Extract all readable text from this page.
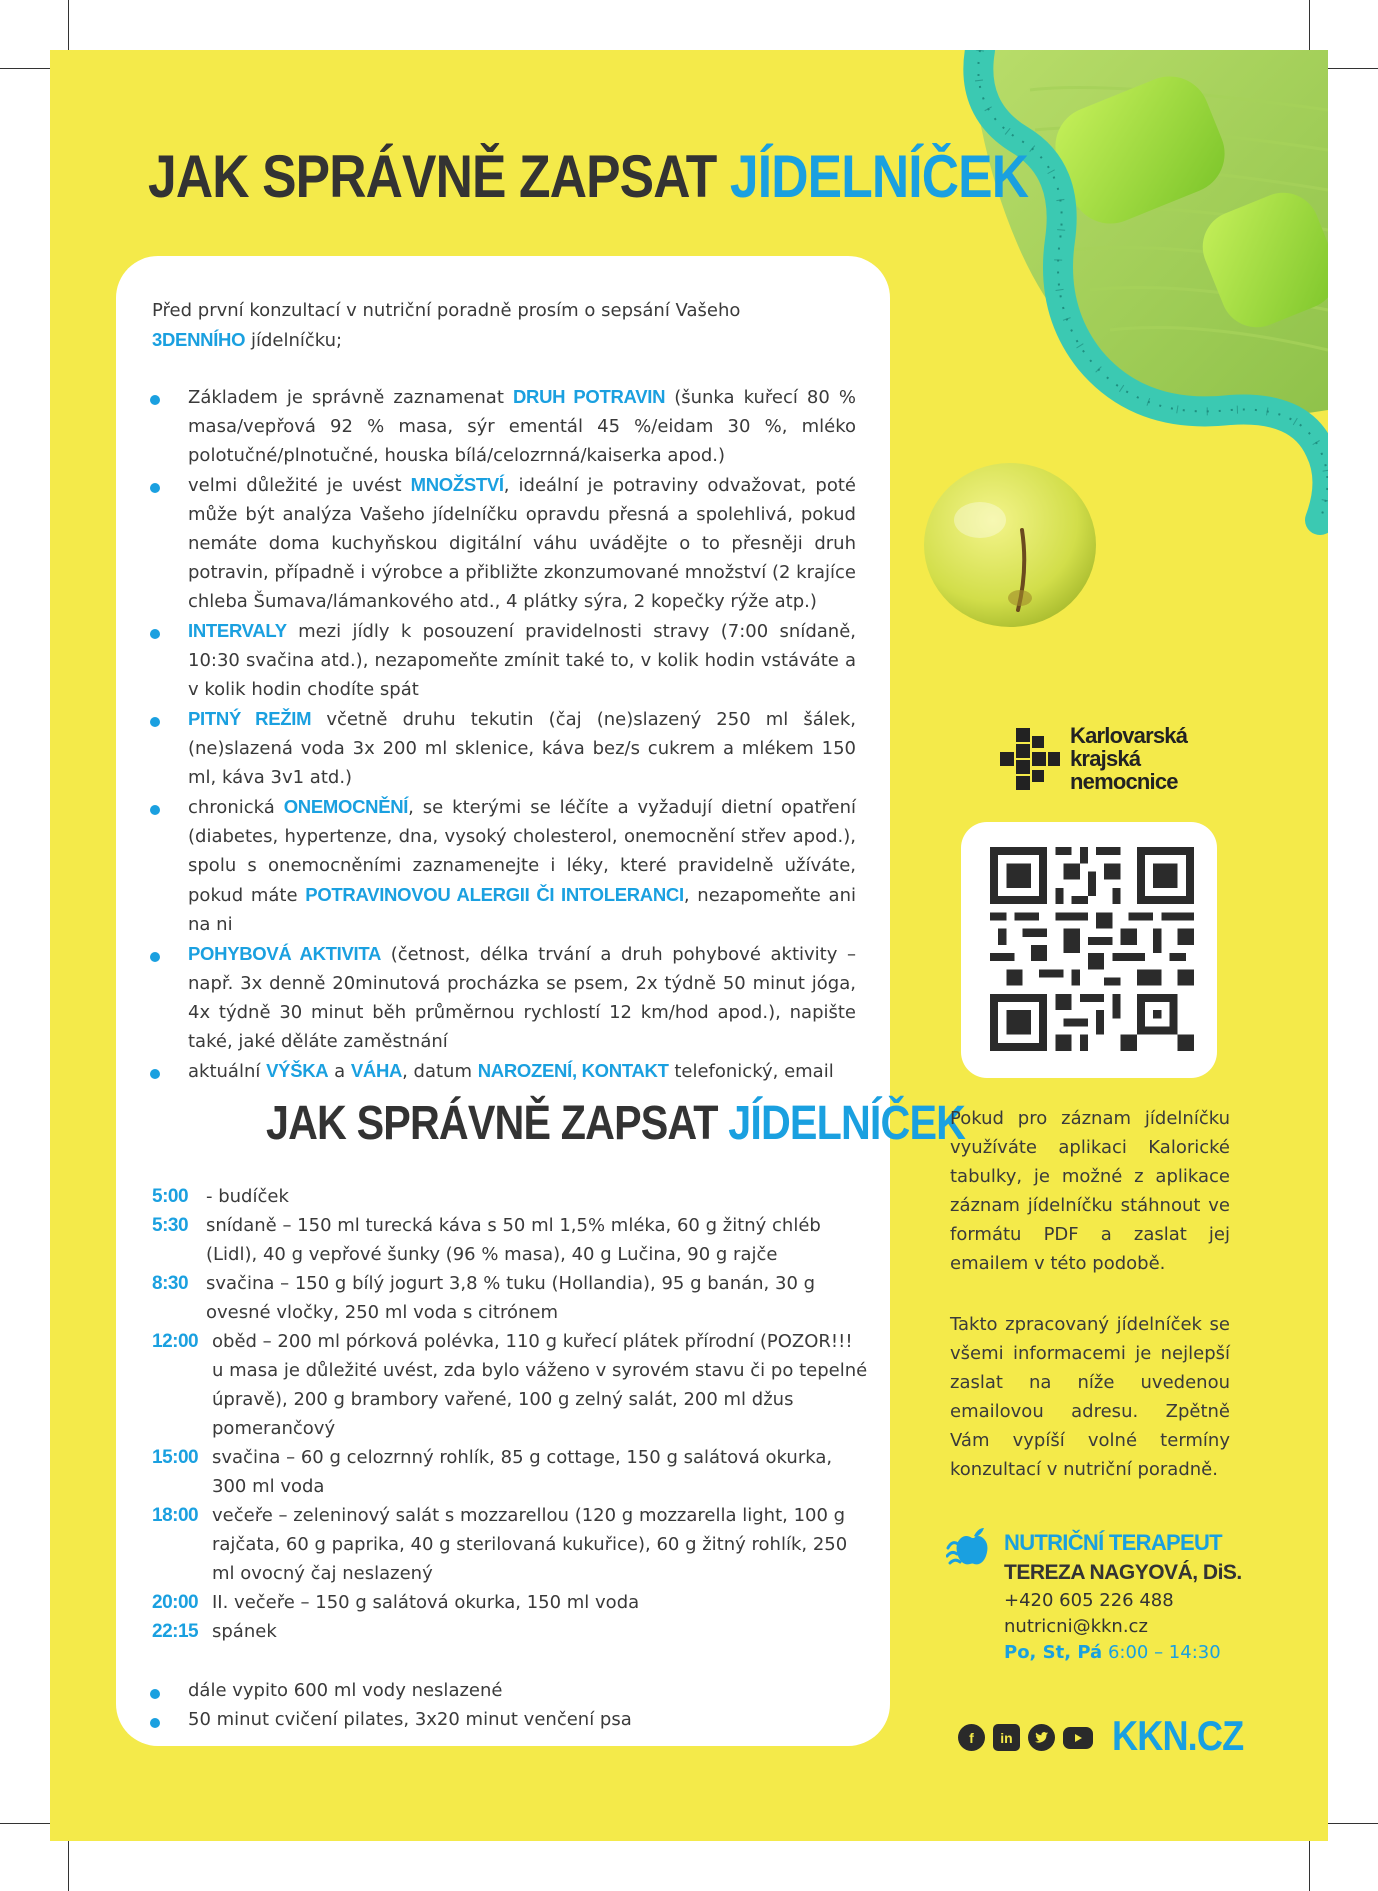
JAK SPRÁVNĚ ZAPSAT JÍDELNÍČEK

Před první konzultací v nutriční poradně prosím o sepsání Vašeho
3DENNÍHO jídelníčku;

Základem je správně zaznamenat DRUH POTRAVIN (šunka kuřecí 80 % masa/vepřová 92 % masa, sýr ementál 45 %/eidam 30 %, mléko polotučné/plnotučné, houska bílá/celozrnná/kaiserka apod.)
velmi důležité je uvést MNOŽSTVÍ, ideální je potraviny odvažovat, poté může být analýza Vašeho jídelníčku opravdu přesná a spolehlivá, pokud nemáte doma kuchyňskou digitální váhu uvádějte o to přesněji druh potravin, případně i výrobce a přibližte zkonzumované množství (2 krajíce chleba Šumava/lámankového atd., 4 plátky sýra, 2 kopečky rýže atp.)
INTERVALY mezi jídly k posouzení pravidelnosti stravy (7:00 snídaně, 10:30 svačina atd.), nezapomeňte zmínit také to, v kolik hodin vstáváte a v kolik hodin chodíte spát
PITNÝ REŽIM včetně druhu tekutin (čaj (ne)slazený 250 ml šálek, (ne)slazená voda 3x 200 ml sklenice, káva bez/s cukrem a mlékem 150 ml, káva 3v1 atd.)
chronická ONEMOCNĚNÍ, se kterými se léčíte a vyžadují dietní opatření (diabetes, hypertenze, dna, vysoký cholesterol, onemocnění střev apod.), spolu s onemocněními zaznamenejte i léky, které pravidelně užíváte, pokud máte POTRAVINOVOU ALERGII ČI INTOLERANCI, nezapomeňte ani na ni
POHYBOVÁ AKTIVITA (četnost, délka trvání a druh pohybové aktivity – např. 3x denně 20minutová procházka se psem, 2x týdně 50 minut jóga, 4x týdně 30 minut běh průměrnou rychlostí 12 km/hod apod.), napište také, jaké děláte zaměstnání
aktuální VÝŠKA a VÁHA, datum NAROZENÍ, KONTAKT telefonický, email
JAK SPRÁVNĚ ZAPSAT JÍDELNÍČEK
5:00 - budíček
5:30 snídaně – 150 ml turecká káva s 50 ml 1,5% mléka, 60 g žitný chléb (Lidl), 40 g vepřové šunky (96 % masa), 40 g Lučina, 90 g rajče
8:30 svačina – 150 g bílý jogurt 3,8 % tuku (Hollandia), 95 g banán, 30 g ovesné vločky, 250 ml voda s citrónem
12:00 oběd – 200 ml pórková polévka, 110 g kuřecí plátek přírodní (POZOR!!! u masa je důležité uvést, zda bylo váženo v syrovém stavu či po tepelné úpravě), 200 g brambory vařené, 100 g zelný salát, 200 ml džus pomerančový
15:00 svačina – 60 g celozrnný rohlík, 85 g cottage, 150 g salátová okurka, 300 ml voda
18:00 večeře – zeleninový salát s mozzarellou (120 g mozzarella light, 100 g rajčata, 60 g paprika, 40 g sterilovaná kukuřice), 60 g žitný rohlík, 250 ml ovocný čaj neslazený
20:00 II. večeře – 150 g salátová okurka, 150 ml voda
22:15 spánek
dále vypito 600 ml vody neslazené
50 minut cvičení pilates, 3x20 minut venčení psa
Karlovarská
krajská
nemocnice

Pokud pro záznam jídelníčku využíváte aplikaci Kalorické tabulky, je možné z aplikace záznam jídelníčku stáhnout ve formátu PDF a zaslat jej emailem v této podobě.

Takto zpracovaný jídelníček se všemi informacemi je nejlepší zaslat na níže uvedenou emailovou adresu. Zpětně Vám vypíší volné termíny konzultací v nutriční poradně.

NUTRIČNÍ TERAPEUT
TEREZA NAGYOVÁ, DiS.
+420 605 226 488
nutricni@kkn.cz
Po, St, Pá 6:00 – 14:30
f	in KKN.CZ
